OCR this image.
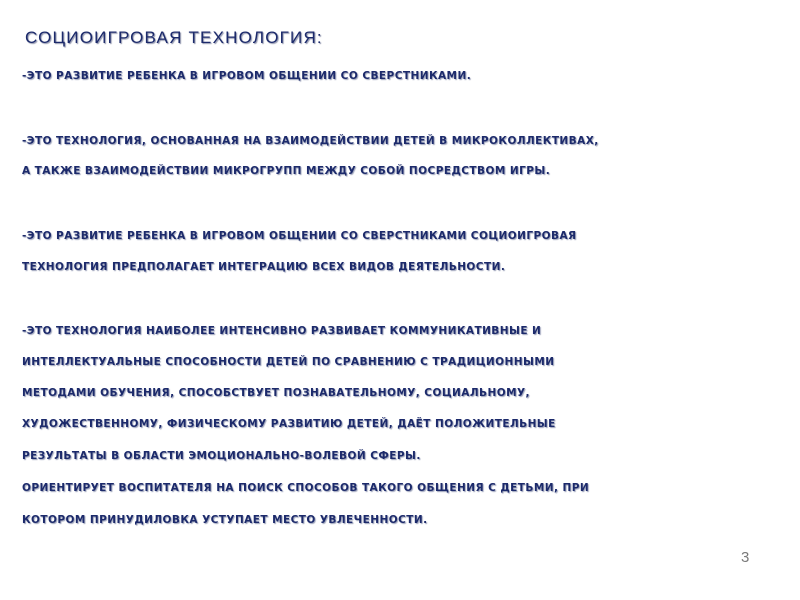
СОЦИОИГРОВАЯ ТЕХНОЛОГИЯ:
-ЭТО РАЗВИТИЕ РЕБЕНКА В ИГРОВОМ ОБЩЕНИИ СО СВЕРСТНИКАМИ.
-ЭТО ТЕХНОЛОГИЯ, ОСНОВАННАЯ НА ВЗАИМОДЕЙСТВИИ ДЕТЕЙ В МИКРОКОЛЛЕКТИВАХ,
А ТАКЖЕ ВЗАИМОДЕЙСТВИИ МИКРОГРУПП МЕЖДУ СОБОЙ ПОСРЕДСТВОМ ИГРЫ.
-ЭТО РАЗВИТИЕ РЕБЕНКА В ИГРОВОМ ОБЩЕНИИ СО СВЕРСТНИКАМИ СОЦИОИГРОВАЯ
ТЕХНОЛОГИЯ ПРЕДПОЛАГАЕТ ИНТЕГРАЦИЮ ВСЕХ ВИДОВ ДЕЯТЕЛЬНОСТИ.
-ЭТО ТЕХНОЛОГИЯ НАИБОЛЕЕ ИНТЕНСИВНО РАЗВИВАЕТ КОММУНИКАТИВНЫЕ И
ИНТЕЛЛЕКТУАЛЬНЫЕ СПОСОБНОСТИ ДЕТЕЙ ПО СРАВНЕНИЮ С ТРАДИЦИОННЫМИ
МЕТОДАМИ ОБУЧЕНИЯ, СПОСОБСТВУЕТ ПОЗНАВАТЕЛЬНОМУ, СОЦИАЛЬНОМУ,
ХУДОЖЕСТВЕННОМУ, ФИЗИЧЕСКОМУ РАЗВИТИЮ ДЕТЕЙ, ДАЁТ ПОЛОЖИТЕЛЬНЫЕ
РЕЗУЛЬТАТЫ В ОБЛАСТИ ЭМОЦИОНАЛЬНО-ВОЛЕВОЙ СФЕРЫ.
ОРИЕНТИРУЕТ ВОСПИТАТЕЛЯ НА ПОИСК СПОСОБОВ ТАКОГО ОБЩЕНИЯ С ДЕТЬМИ, ПРИ
КОТОРОМ ПРИНУДИЛОВКА УСТУПАЕТ МЕСТО УВЛЕЧЕННОСТИ.
3
